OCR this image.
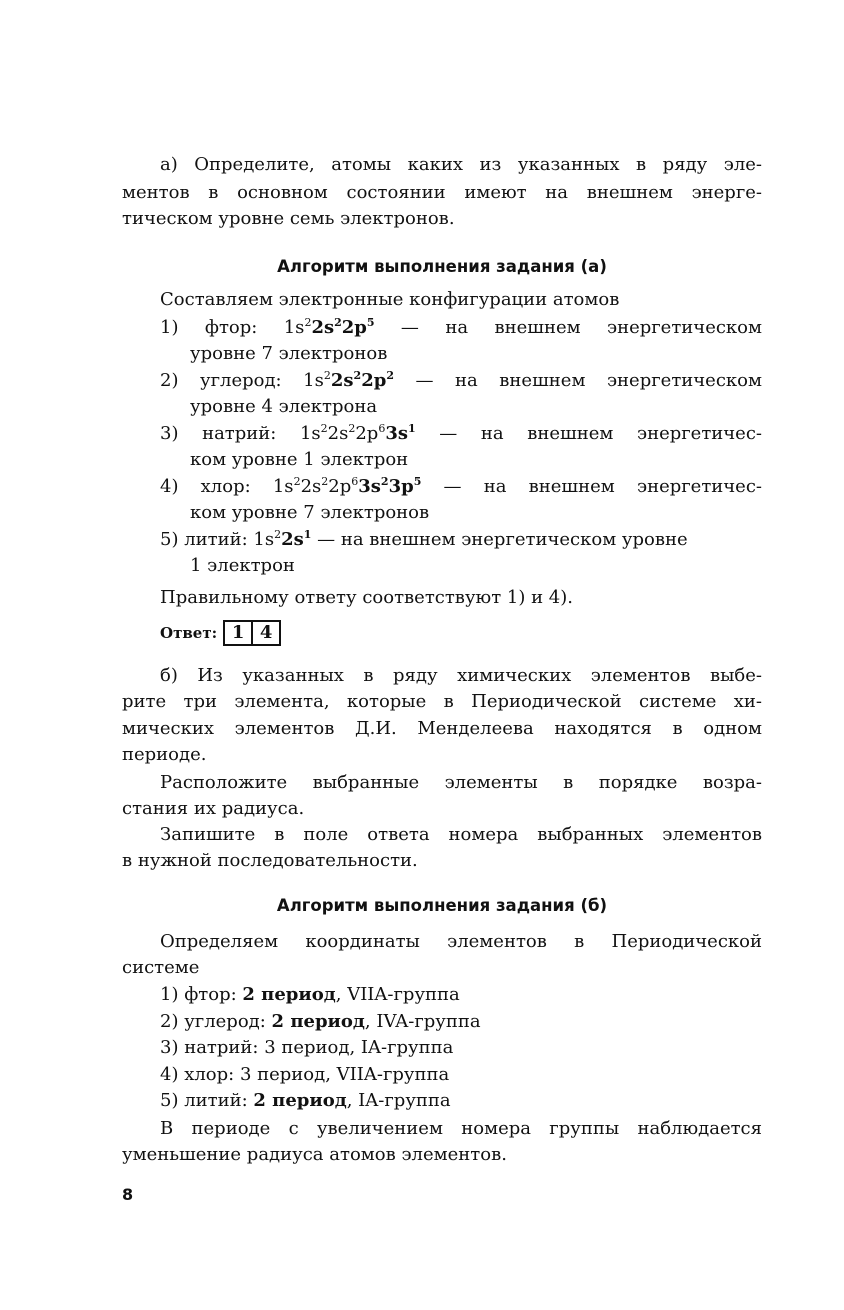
а) Определите, атомы каких из указанных в ряду эле-
ментов в основном состоянии имеют на внешнем энерге-
тическом уровне семь электронов.
Алгоритм выполнения задания (а)
Составляем электронные конфигурации атомов
1) фтор: $1s^22s^22p^5$ — на внешнем энергетическом
уровне 7 электронов
2) углерод: $1s^22s^22p^2$ — на внешнем энергетическом
уровне 4 электрона
3) натрий: $1s^22s^22p^63s^1$ — на внешнем энергетичес-
ком уровне 1 электрон
4) хлор: $1s^22s^22p^63s^23p^5$ — на внешнем энергетичес-
ком уровне 7 электронов
5) литий: $1s^22s^1$ — на внешнем энергетическом уровне
1 электрон
Правильному ответу соответствуют 1) и 4).
Ответ: 1 4
б) Из указанных в ряду химических элементов выбе-
рите три элемента, которые в Периодической системе хи-
мических элементов Д.И. Менделеева находятся в одном
периоде.
Расположите выбранные элементы в порядке возра-
стания их радиуса.
Запишите в поле ответа номера выбранных элементов
в нужной последовательности.
Алгоритм выполнения задания (б)
Определяем координаты элементов в Периодической
системе
1) фтор: 2 период, VIIA-группа
2) углерод: 2 период, IVA-группа
3) натрий: 3 период, IA-группа
4) хлор: 3 период, VIIA-группа
5) литий: 2 период, IA-группа
В периоде с увеличением номера группы наблюдается
уменьшение радиуса атомов элементов.
8
